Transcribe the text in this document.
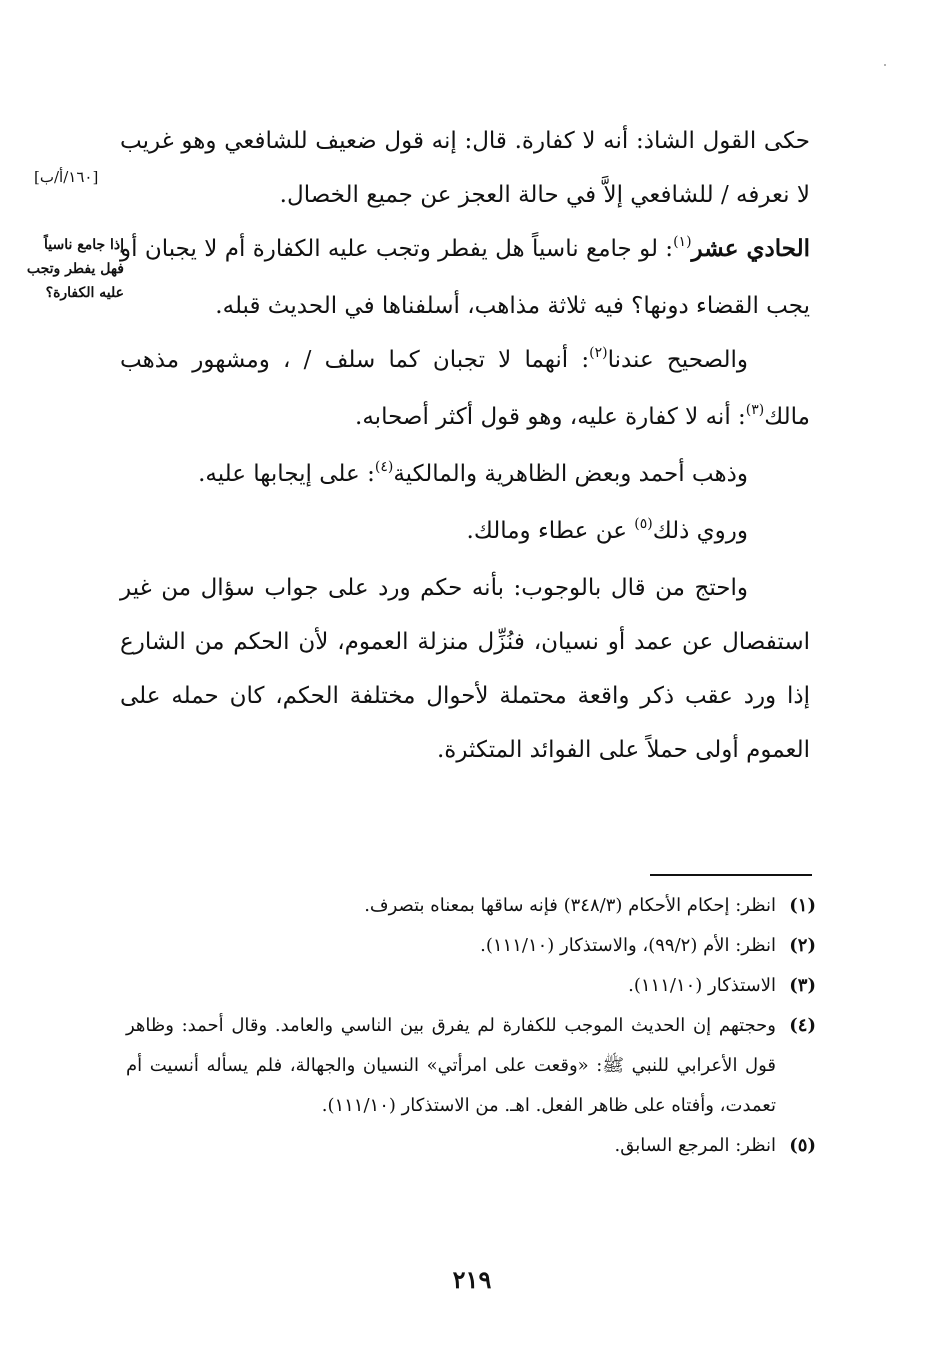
[١٦٠/أ/ب]
إذا جامع ناسياً فهل يفطر وتجب عليه الكفارة؟

حكى القول الشاذ: أنه لا كفارة. قال: إنه قول ضعيف للشافعي وهو غريب لا نعرفه / للشافعي إلاَّ في حالة العجز عن جميع الخصال.

الحادي عشر$^{(١)}$: لو جامع ناسياً هل يفطر وتجب عليه الكفارة أم لا يجبان أو يجب القضاء دونها؟ فيه ثلاثة مذاهب، أسلفناها في الحديث قبله.

والصحيح عندنا$^{(٢)}$: أنهما لا تجبان كما سلف / ، ومشهور مذهب مالك$^{(٣)}$: أنه لا كفارة عليه، وهو قول أكثر أصحابه.

وذهب أحمد وبعض الظاهرية والمالكية$^{(٤)}$: على إيجابها عليه.

وروي ذلك$^{(٥)}$ عن عطاء ومالك.

واحتج من قال بالوجوب: بأنه حكم ورد على جواب سؤال من غير استفصال عن عمد أو نسيان، فنُزِّل منزلة العموم، لأن الحكم من الشارع إذا ورد عقب ذكر واقعة محتملة لأحوال مختلفة الحكم، كان حمله على العموم أولى حملاً على الفوائد المتكثرة.

(١)
انظر: إحكام الأحكام (٣٤٨/٣) فإنه ساقها بمعناه بتصرف.
(٢)
انظر: الأم (٩٩/٢)، والاستذكار (١١١/١٠).
(٣)
الاستذكار (١١١/١٠).
(٤)
وحجتهم إن الحديث الموجب للكفارة لم يفرق بين الناسي والعامد. وقال أحمد: وظاهر قول الأعرابي للنبي ﷺ: «وقعت على امرأتي» النسيان والجهالة، فلم يسأله أنسيت أم تعمدت، وأفتاه على ظاهر الفعل. اهـ. من الاستذكار (١١١/١٠).
(٥)
انظر: المرجع السابق.
٢١٩
